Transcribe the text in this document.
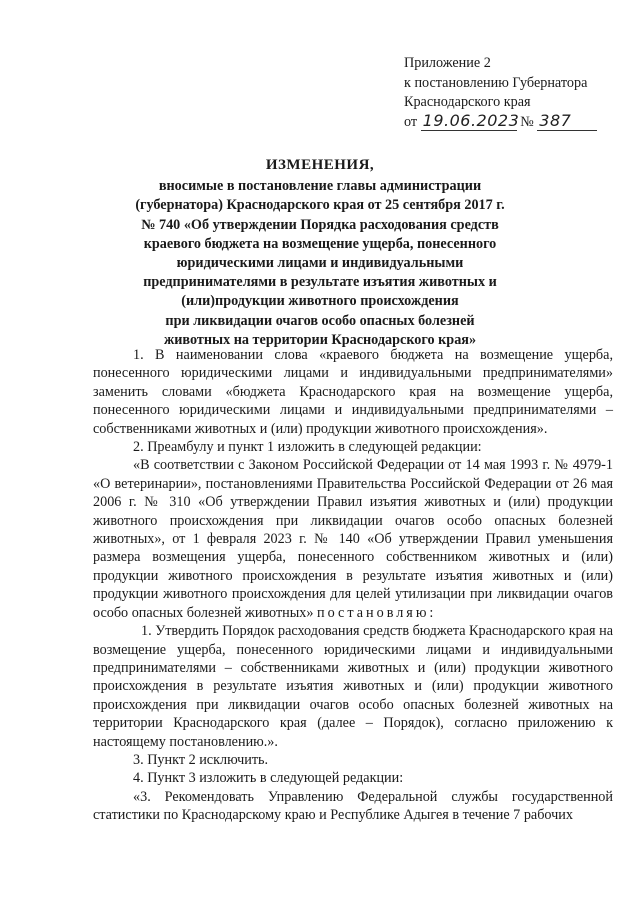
Приложение 2
к постановлению Губернатора
Краснодарского края
от 19.06.2023 № 387
ИЗМЕНЕНИЯ,
вносимые в постановление главы администрации
(губернатора) Краснодарского края от 25 сентября 2017 г.
№ 740 «Об утверждении Порядка расходования средств
краевого бюджета на возмещение ущерба, понесенного
юридическими лицами и индивидуальными
предпринимателями в результате изъятия животных и
(или)продукции животного происхождения
при ликвидации очагов особо опасных болезней
животных на территории Краснодарского края»

1. В наименовании слова «краевого бюджета на возмещение ущерба, понесенного юридическими лицами и индивидуальными предпринимателями» заменить словами «бюджета Краснодарского края на возмещение ущерба, понесенного юридическими лицами и индивидуальными предпринимателями – собственниками животных и (или) продукции животного происхождения».

2. Преамбулу и пункт 1 изложить в следующей редакции:

«В соответствии с Законом Российской Федерации от 14 мая 1993 г. № 4979-1 «О ветеринарии», постановлениями Правительства Российской Федерации от 26 мая 2006 г. № 310 «Об утверждении Правил изъятия животных и (или) продукции животного происхождения при ликвидации очагов особо опасных болезней животных», от 1 февраля 2023 г. № 140 «Об утверждении Правил уменьшения размера возмещения ущерба, понесенного собственником животных и (или) продукции животного происхождения в результате изъятия животных и (или) продукции животного происхождения для целей утилизации при ликвидации очагов особо опасных болезней животных» постановляю:

1. Утвердить Порядок расходования средств бюджета Краснодарского края на возмещение ущерба, понесенного юридическими лицами и индивидуальными предпринимателями – собственниками животных и (или) продукции животного происхождения в результате изъятия животных и (или) продукции животного происхождения при ликвидации очагов особо опасных болезней животных на территории Краснодарского края (далее – Порядок), согласно приложению к настоящему постановлению.».

3. Пункт 2 исключить.

4. Пункт 3 изложить в следующей редакции:

«3. Рекомендовать Управлению Федеральной службы государственной статистики по Краснодарскому краю и Республике Адыгея в течение 7 рабочих
